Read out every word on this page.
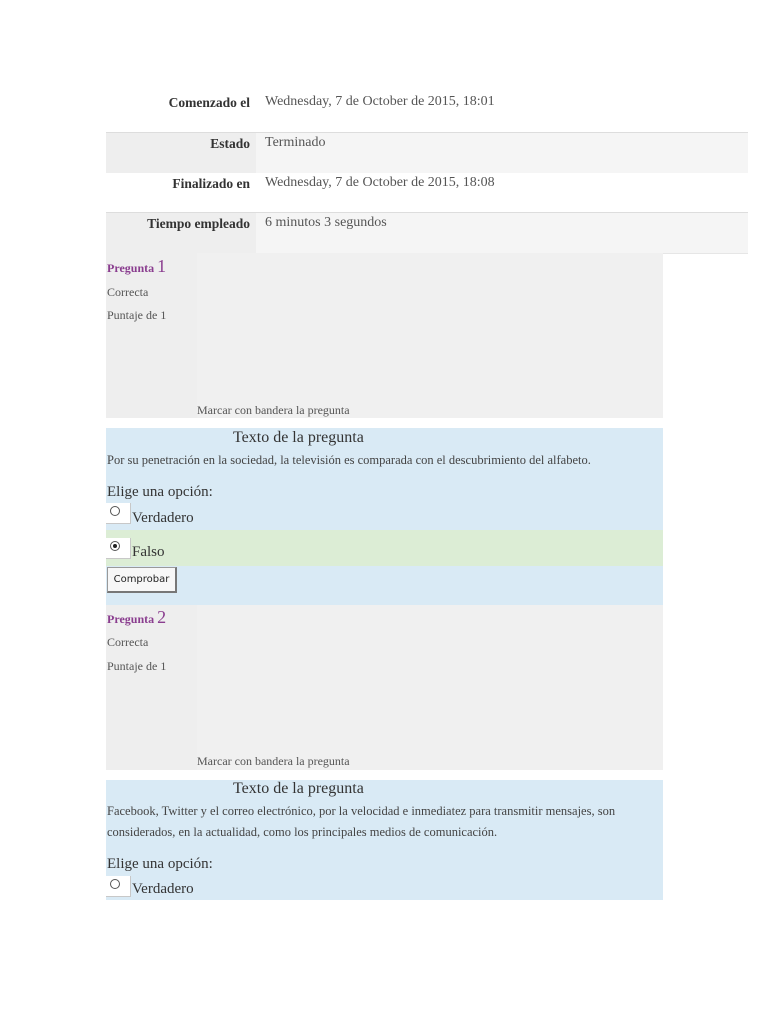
Comenzado el Wednesday, 7 de October de 2015, 18:01
Estado Terminado
Finalizado en Wednesday, 7 de October de 2015, 18:08
Tiempo empleado 6 minutos 3 segundos
Pregunta 1
Correcta
Puntaje de 1
Marcar con bandera la pregunta
Texto de la pregunta
Por su penetración en la sociedad, la televisión es comparada con el descubrimiento del alfabeto.
Elige una opción:
Verdadero
Falso
Comprobar
Pregunta 2
Correcta
Puntaje de 1
Marcar con bandera la pregunta
Texto de la pregunta
Facebook, Twitter y el correo electrónico, por la velocidad e inmediatez para transmitir mensajes, son considerados, en la actualidad, como los principales medios de comunicación.
Elige una opción:
Verdadero
